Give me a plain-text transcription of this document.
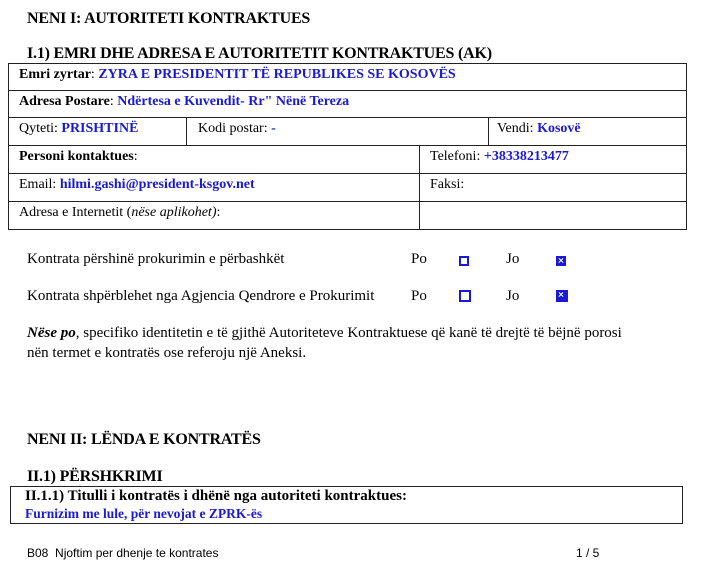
NENI I: AUTORITETI KONTRAKTUES
I.1) EMRI DHE ADRESA E AUTORITETIT KONTRAKTUES (AK)
Emri zyrtar: ZYRA E PRESIDENTIT TË REPUBLIKES SE KOSOVËS
Adresa Postare: Ndërtesa e Kuvendit- Rr" Nënë Tereza
Qyteti: PRISHTINË	Kodi postar: -	Vendi: Kosovë
Personi kontaktues:	Telefoni: +38338213477
Email: hilmi.gashi@president-ksgov.net	Faksi:
Adresa e Internetit (nëse aplikohet):
Kontrata përshinë prokurimin e përbashkët	Po	Jo
Kontrata shpërblehet nga Agjencia Qendrore e Prokurimit Po	Jo
Nëse po, specifiko identitetin e të gjithë Autoriteteve Kontraktuese që kanë të drejtë të bëjnë porosi
nën termet e kontratës ose referoju një Aneksi.
NENI II: LËNDA E KONTRATËS
II.1) PËRSHKRIMI
II.1.1) Titulli i kontratës i dhënë nga autoriteti kontraktues:
Furnizim me lule, për nevojat e ZPRK-ës
B08 Njoftim per dhenje te kontrates	1 / 5
